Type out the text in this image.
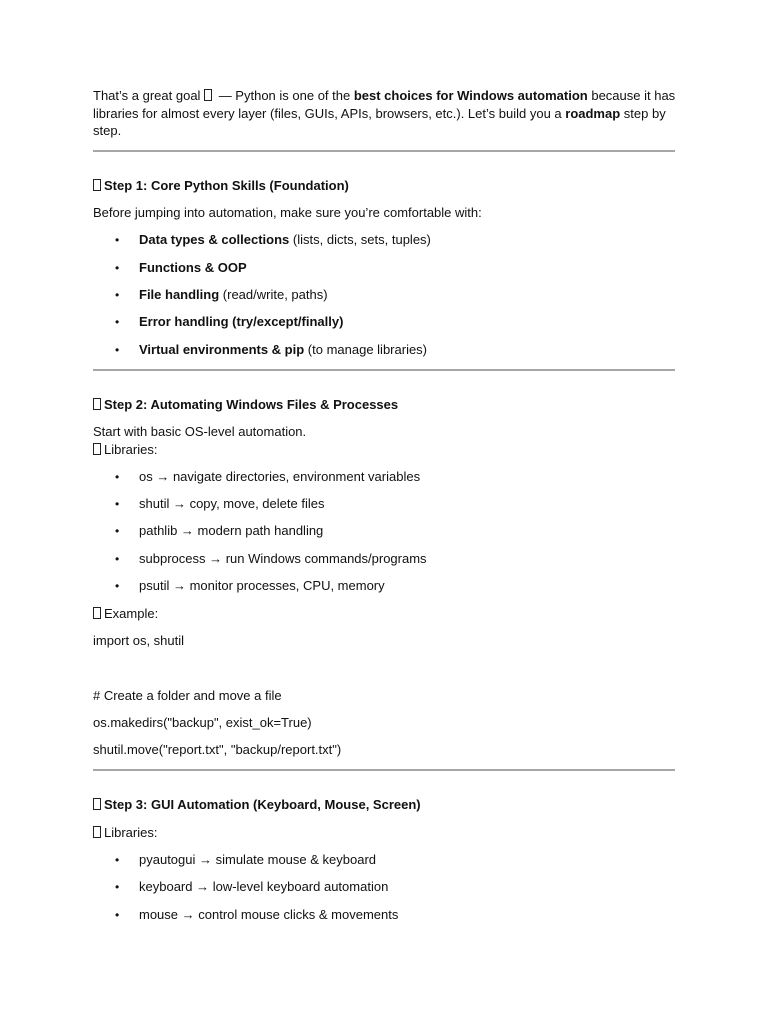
That’s a great goal  — Python is one of the best choices for Windows automation because it has libraries for almost every layer (files, GUIs, APIs, browsers, etc.). Let’s build you a roadmap step by step.

Step 1: Core Python Skills (Foundation)

Before jumping into automation, make sure you’re comfortable with:

• Data types & collections (lists, dicts, sets, tuples)
• Functions & OOP
• File handling (read/write, paths)
• Error handling (try/except/finally)
• Virtual environments & pip (to manage libraries)

Step 2: Automating Windows Files & Processes

Start with basic OS-level automation.

Libraries:

• os → navigate directories, environment variables
• shutil → copy, move, delete files
• pathlib → modern path handling
• subprocess → run Windows commands/programs
• psutil → monitor processes, CPU, memory

Example:

import os, shutil

# Create a folder and move a file

os.makedirs("backup", exist_ok=True)

shutil.move("report.txt", "backup/report.txt")

Step 3: GUI Automation (Keyboard, Mouse, Screen)

Libraries:

• pyautogui → simulate mouse & keyboard
• keyboard → low-level keyboard automation
• mouse → control mouse clicks & movements
